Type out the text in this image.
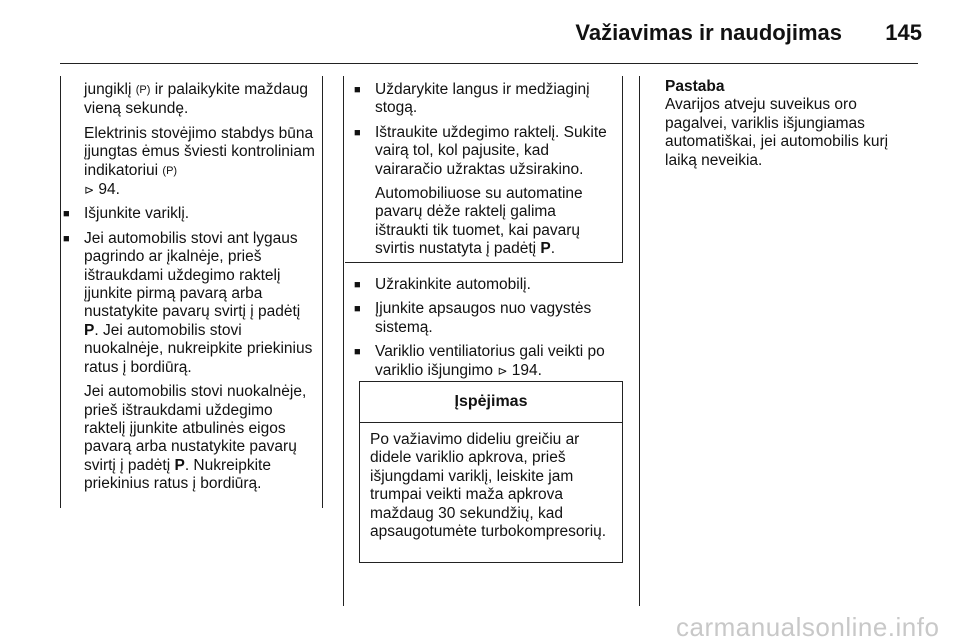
Važiavimas ir naudojimas 145

jungiklį (P) ir palaikykite maždaug vieną sekundę.

Elektrinis stovėjimo stabdys būna įjungtas ėmus šviesti kontroliniam indikatoriui (P)
⊳ 94.

■ Išjunkite variklį.
■ Jei automobilis stovi ant lygaus pagrindo ar įkalnėje, prieš ištraukdami uždegimo raktelį įjunkite pirmą pavarą arba nustatykite pavarų svirtį į padėtį P. Jei automobilis stovi nuokalnėje, nukreipkite priekinius ratus į bordiūrą.

Jei automobilis stovi nuokalnėje, prieš ištraukdami uždegimo raktelį įjunkite atbulinės eigos pavarą arba nustatykite pavarų svirtį į padėtį P. Nukreipkite priekinius ratus į bordiūrą.

■ Uždarykite langus ir medžiaginį stogą.
■ Ištraukite uždegimo raktelį. Sukite vairą tol, kol pajusite, kad vairaračio užraktas užsirakino.

Automobiliuose su automatine pavarų dėže raktelį galima ištraukti tik tuomet, kai pavarų svirtis nustatyta į padėtį P.

■ Užrakinkite automobilį.
■ Įjunkite apsaugos nuo vagystės sistemą.
■ Variklio ventiliatorius gali veikti po variklio išjungimo ⊳ 194.
Įspėjimas
Po važiavimo dideliu greičiu ar didele variklio apkrova, prieš išjungdami variklį, leiskite jam trumpai veikti maža apkrova maždaug 30 sekundžių, kad apsaugotumėte turbokompresorių.
Pastaba
Avarijos atveju suveikus oro pagalvei, variklis išjungiamas automatiškai, jei automobilis kurį laiką neveikia.
carmanualsonline.info
